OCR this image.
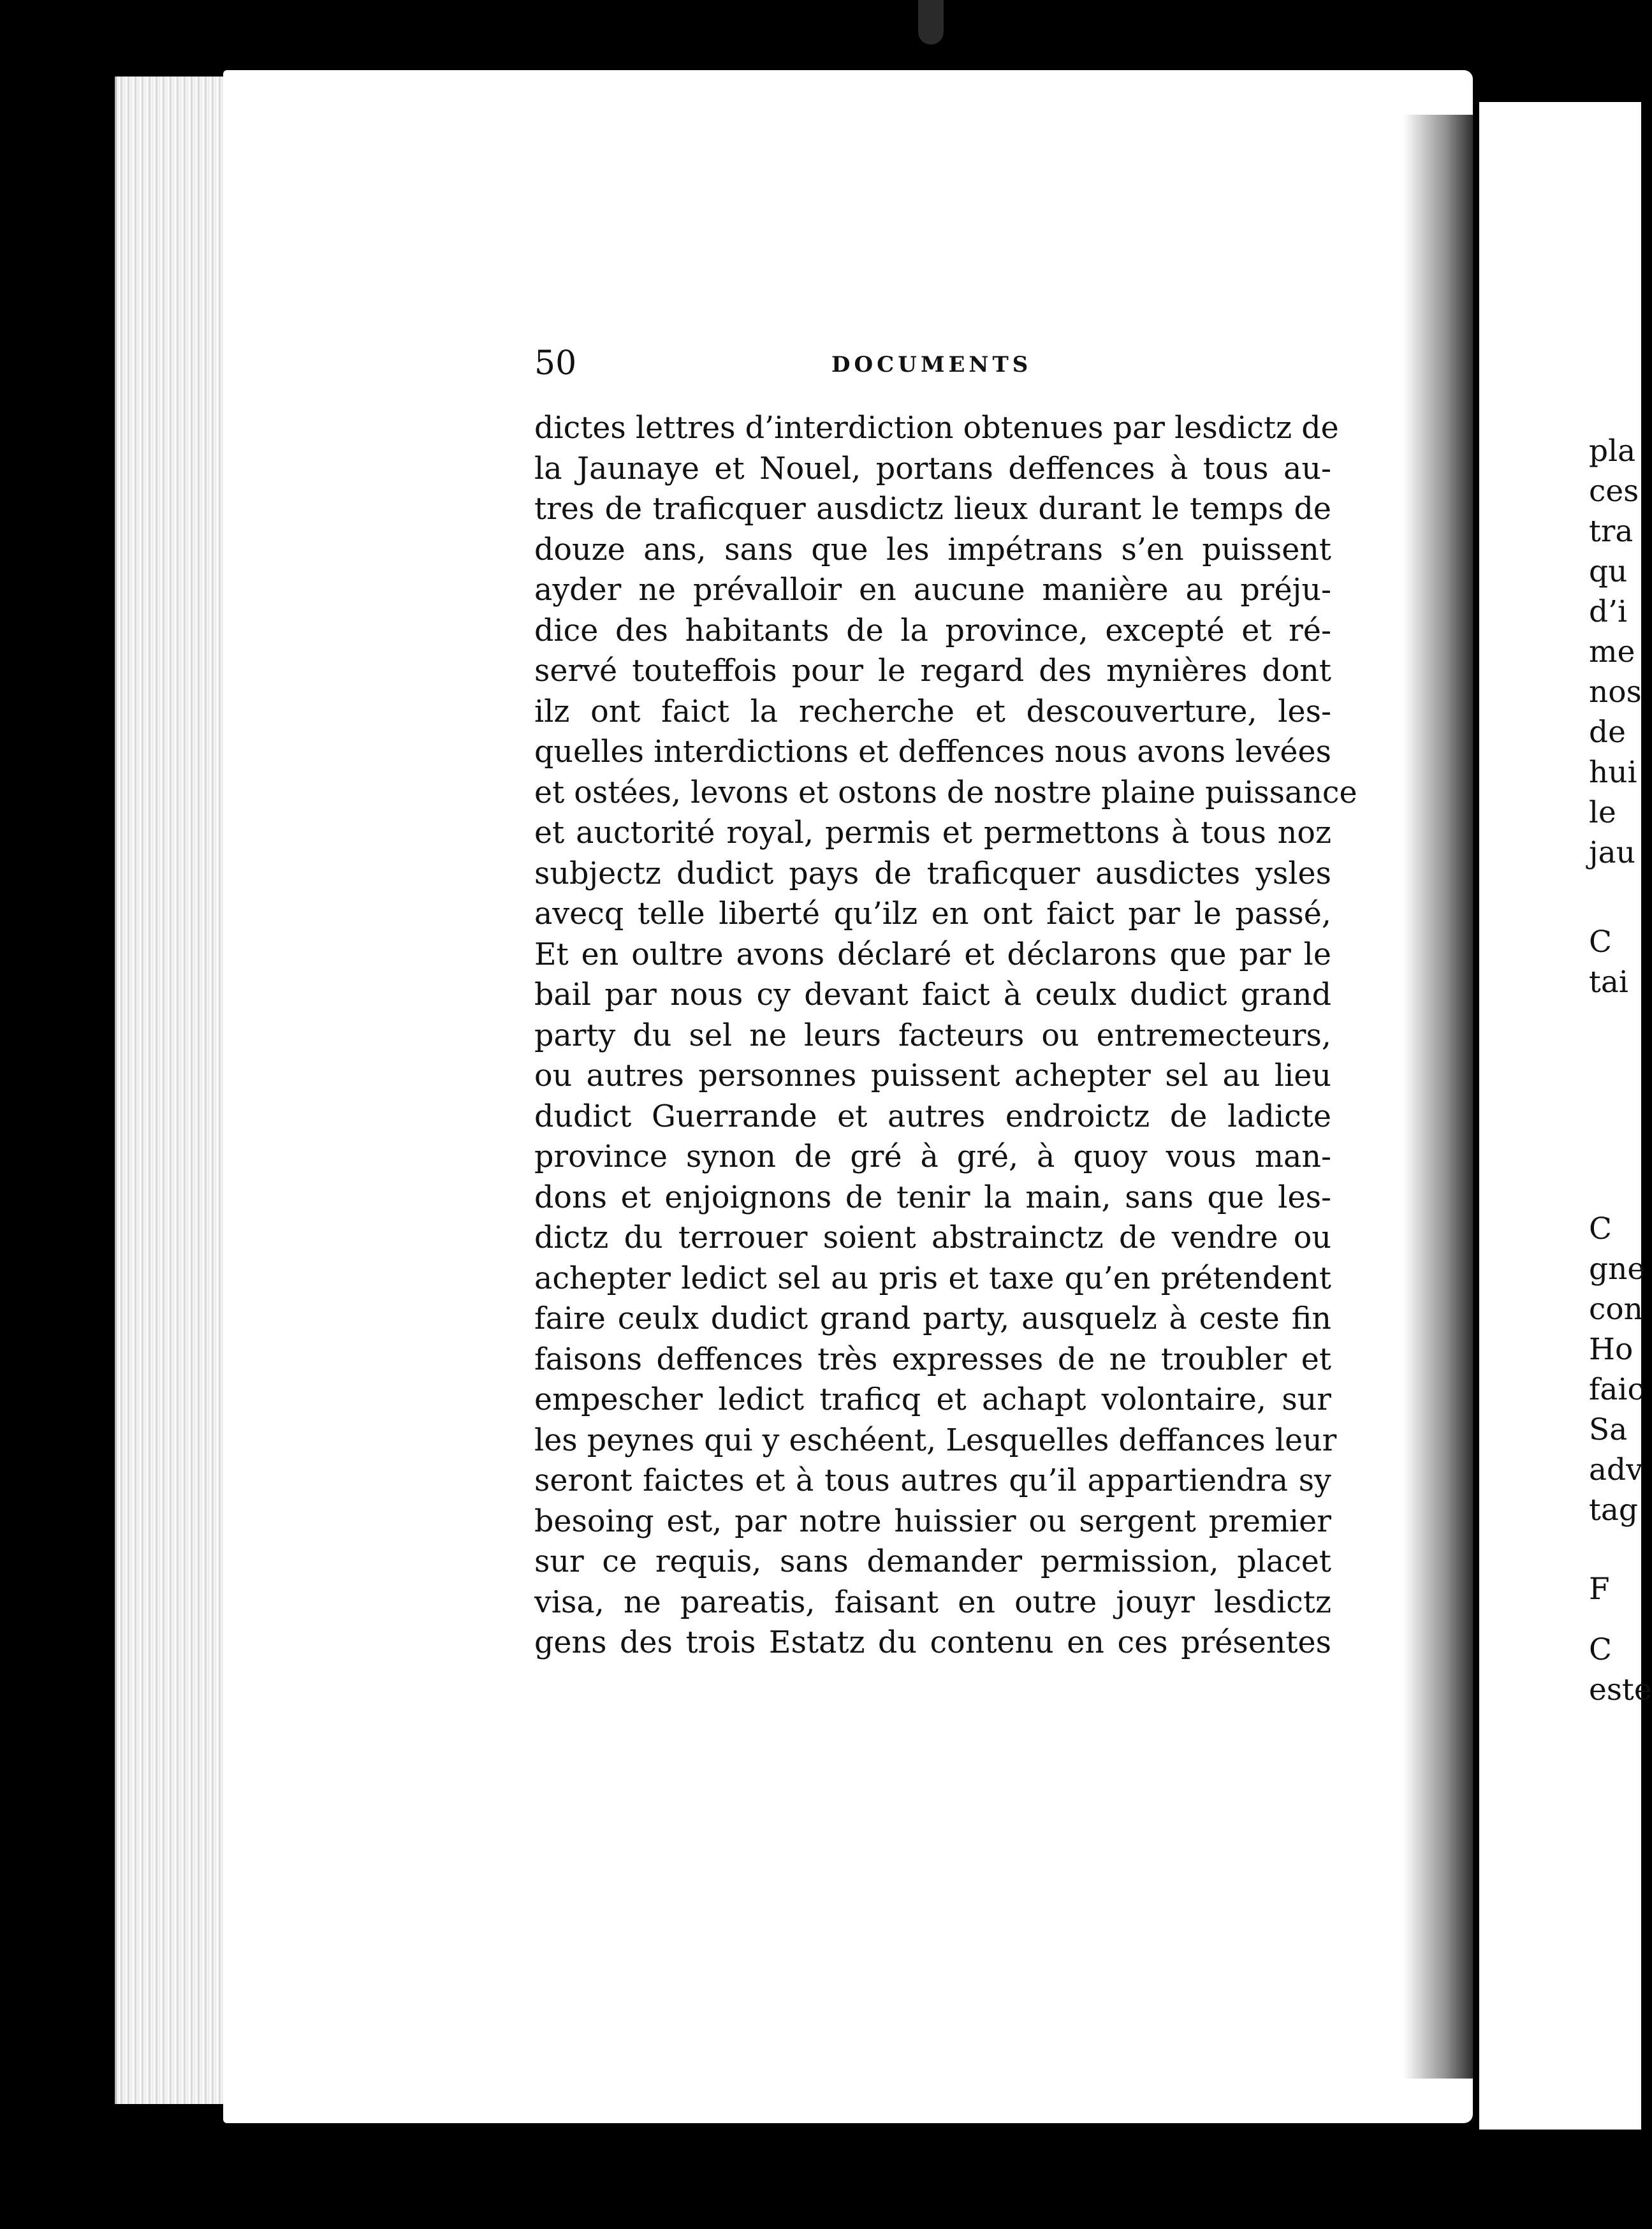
50	DOCUMENTS
dictes lettres d’interdiction obtenues par lesdictz de
la Jaunaye et Nouel, portans deffences à tous au-
tres de traficquer ausdictz lieux durant le temps de
douze ans, sans que les impétrans s’en puissent
ayder ne prévalloir en aucune manière au préju-
dice des habitants de la province, excepté et ré-
servé touteffois pour le regard des mynières dont
ilz ont faict la recherche et descouverture, les-
quelles interdictions et deffences nous avons levées
et ostées, levons et ostons de nostre plaine puissance
et auctorité royal, permis et permettons à tous noz
subjectz dudict pays de traficquer ausdictes ysles
avecq telle liberté qu’ilz en ont faict par le passé,
Et en oultre avons déclaré et déclarons que par le
bail par nous cy devant faict à ceulx dudict grand
party du sel ne leurs facteurs ou entremecteurs,
ou autres personnes puissent achepter sel au lieu
dudict Guerrande et autres endroictz de ladicte
province synon de gré à gré, à quoy vous man-
dons et enjoignons de tenir la main, sans que les-
dictz du terrouer soient abstrainctz de vendre ou
achepter ledict sel au pris et taxe qu’en prétendent
faire ceulx dudict grand party, ausquelz à ceste fin
faisons deffences très expresses de ne troubler et
empescher ledict traficq et achapt volontaire, sur
les peynes qui y eschéent, Lesquelles deffances leur
seront faictes et à tous autres qu’il appartiendra sy
besoing est, par notre huissier ou sergent premier
sur ce requis, sans demander permission, placet
visa, ne pareatis, faisant en outre jouyr lesdictz
gens des trois Estatz du contenu en ces présentes
pla
ces
tra
qu
d’i
me
nos
de
hui
le
jau
C
tai
C
gne
con
Ho
faic
Sa
adv
tag
F
C
este
